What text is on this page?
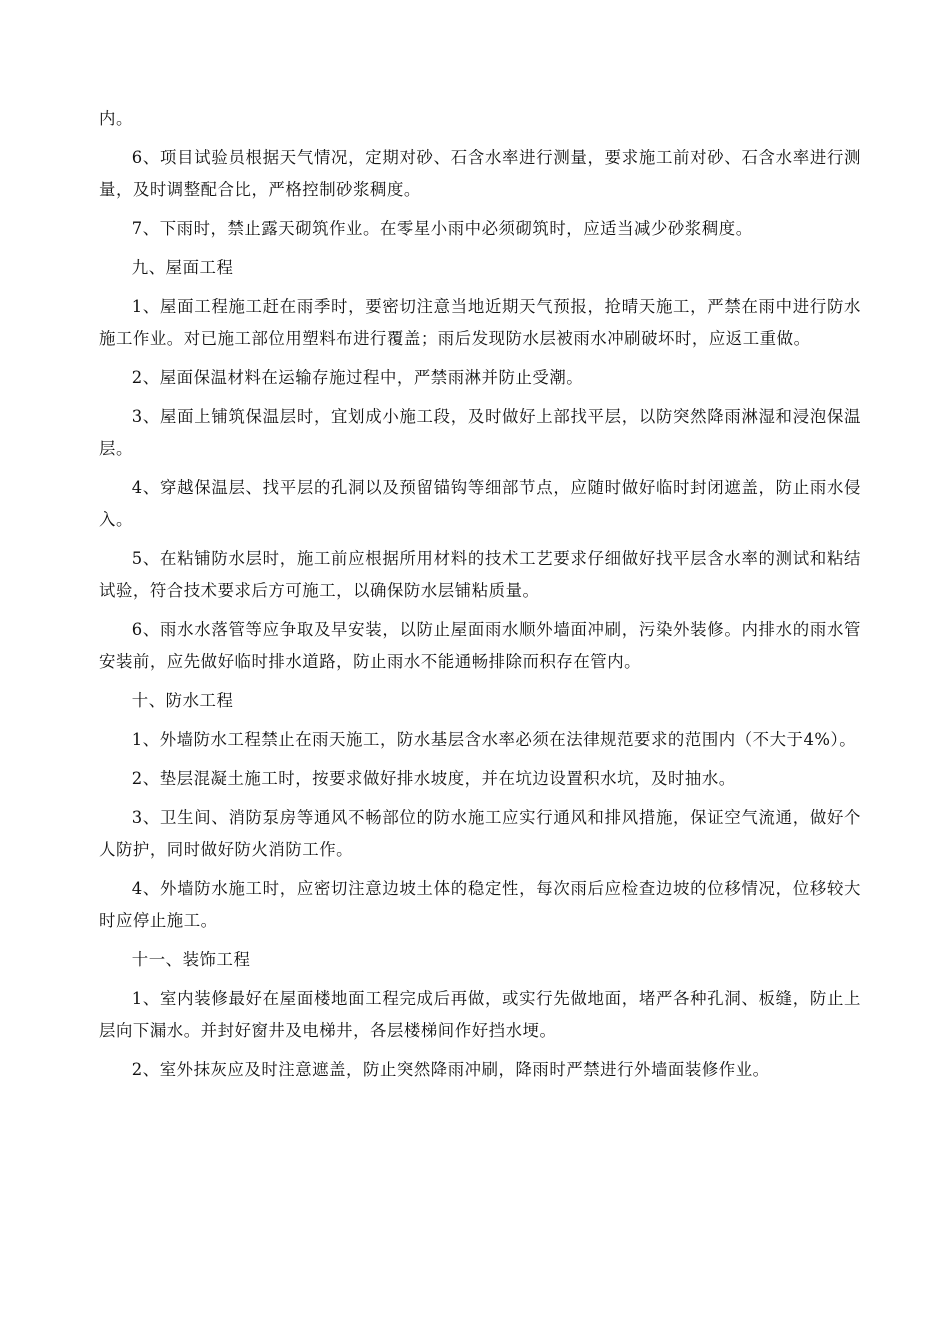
内。

6、项目试验员根据天气情况，定期对砂、石含水率进行测量，要求施工前对砂、石含水率进行测量，及时调整配合比，严格控制砂浆稠度。

7、下雨时，禁止露天砌筑作业。在零星小雨中必须砌筑时，应适当减少砂浆稠度。

九、屋面工程

1、屋面工程施工赶在雨季时，要密切注意当地近期天气预报，抢晴天施工，严禁在雨中进行防水施工作业。对已施工部位用塑料布进行覆盖；雨后发现防水层被雨水冲刷破坏时，应返工重做。

2、屋面保温材料在运输存施过程中，严禁雨淋并防止受潮。

3、屋面上铺筑保温层时，宜划成小施工段，及时做好上部找平层，以防突然降雨淋湿和浸泡保温层。

4、穿越保温层、找平层的孔洞以及预留锚钩等细部节点，应随时做好临时封闭遮盖，防止雨水侵入。

5、在粘铺防水层时，施工前应根据所用材料的技术工艺要求仔细做好找平层含水率的测试和粘结试验，符合技术要求后方可施工，以确保防水层铺粘质量。

6、雨水水落管等应争取及早安装，以防止屋面雨水顺外墙面冲刷，污染外装修。内排水的雨水管安装前，应先做好临时排水道路，防止雨水不能通畅排除而积存在管内。

十、防水工程

1、外墙防水工程禁止在雨天施工，防水基层含水率必须在法律规范要求的范围内（不大于4%）。

2、垫层混凝土施工时，按要求做好排水坡度，并在坑边设置积水坑，及时抽水。

3、卫生间、消防泵房等通风不畅部位的防水施工应实行通风和排风措施，保证空气流通，做好个人防护，同时做好防火消防工作。

4、外墙防水施工时，应密切注意边坡土体的稳定性，每次雨后应检查边坡的位移情况，位移较大时应停止施工。

十一、装饰工程

1、室内装修最好在屋面楼地面工程完成后再做，或实行先做地面，堵严各种孔洞、板缝，防止上层向下漏水。并封好窗井及电梯井，各层楼梯间作好挡水埂。

2、室外抹灰应及时注意遮盖，防止突然降雨冲刷，降雨时严禁进行外墙面装修作业。
